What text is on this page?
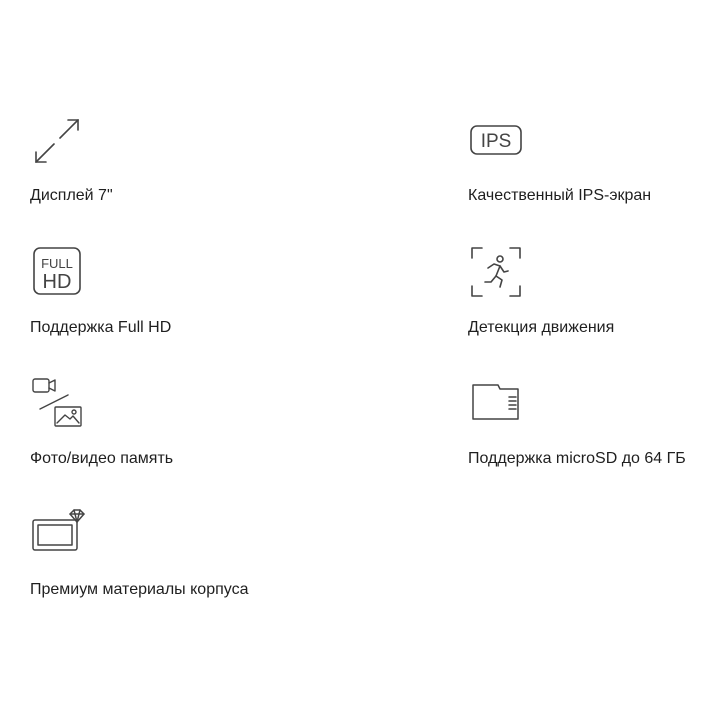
Дисплей 7"
IPS
Качественный IPS-экран
FULL
HD
Поддержка Full HD	Детекция движения
Фото/видео память	Поддержка microSD до 64 ГБ
Премиум материалы корпуса
